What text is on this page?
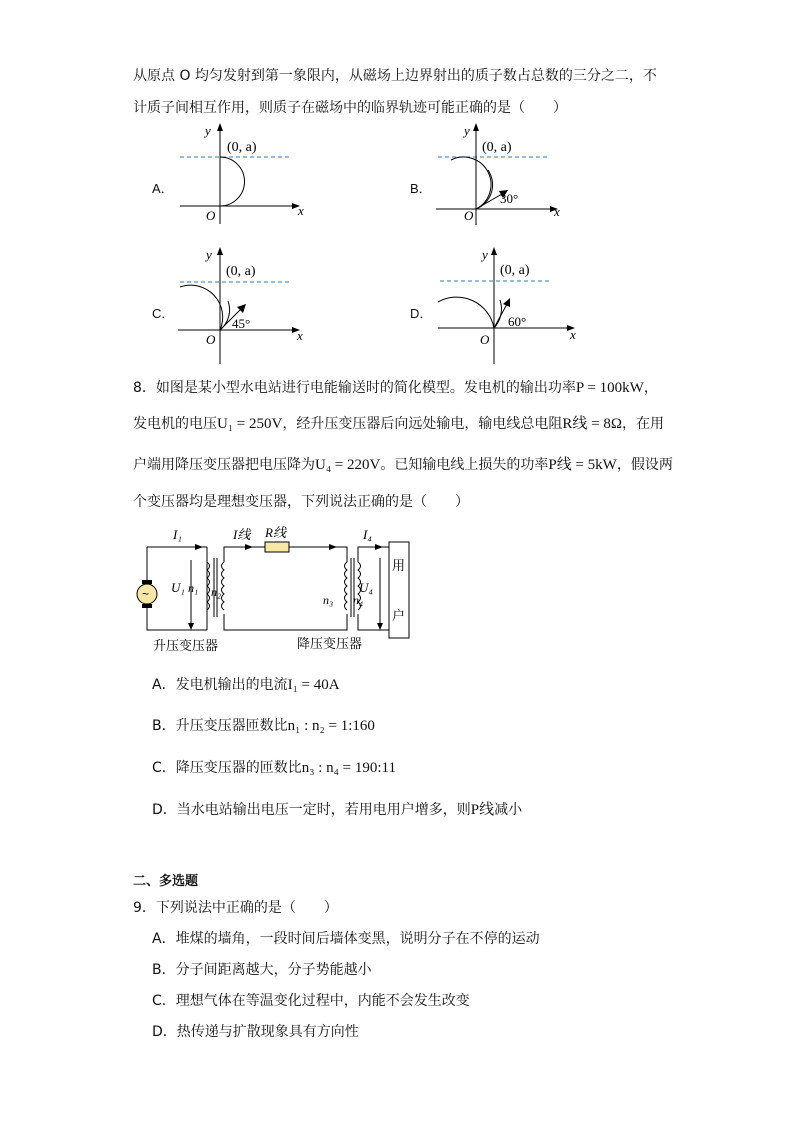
从原点 O 均匀发射到第一象限内，从磁场上边界射出的质子数占总数的三分之二，不
计质子间相互作用，则质子在磁场中的临界轨迹可能正确的是（　　）
A．
y
x
O
(0, a)
B．
y
x
O
(0, a)
30°
C．
y
x
O
(0, a)
45°
D．
y
x
O
(0, a)
60°
8．如图是某小型水电站进行电能输送时的简化模型。发电机的输出功率P = 100kW，
发电机的电压U₁ = 250V，经升压变压器后向远处输电，输电线总电阻R线 = 8Ω，在用
户端用降压变压器把电压降为U₄ = 220V。已知输电线上损失的功率P线 = 5kW，假设两
个变压器均是理想变压器，下列说法正确的是（　　）
~ U₁ n₁
I₁
n₂
I线 R线
n₃ n₄
I₄
U₄
用
户
升压变压器	降压变压器
A．发电机输出的电流I₁ = 40A
B．升压变压器匝数比n₁ : n₂ = 1:160
C．降压变压器的匝数比n₃ : n₄ = 190:11
D．当水电站输出电压一定时，若用电用户增多，则P线减小
二、多选题
9．下列说法中正确的是（　　）
A．堆煤的墙角，一段时间后墙体变黑，说明分子在不停的运动
B．分子间距离越大，分子势能越小
C．理想气体在等温变化过程中，内能不会发生改变
D．热传递与扩散现象具有方向性
